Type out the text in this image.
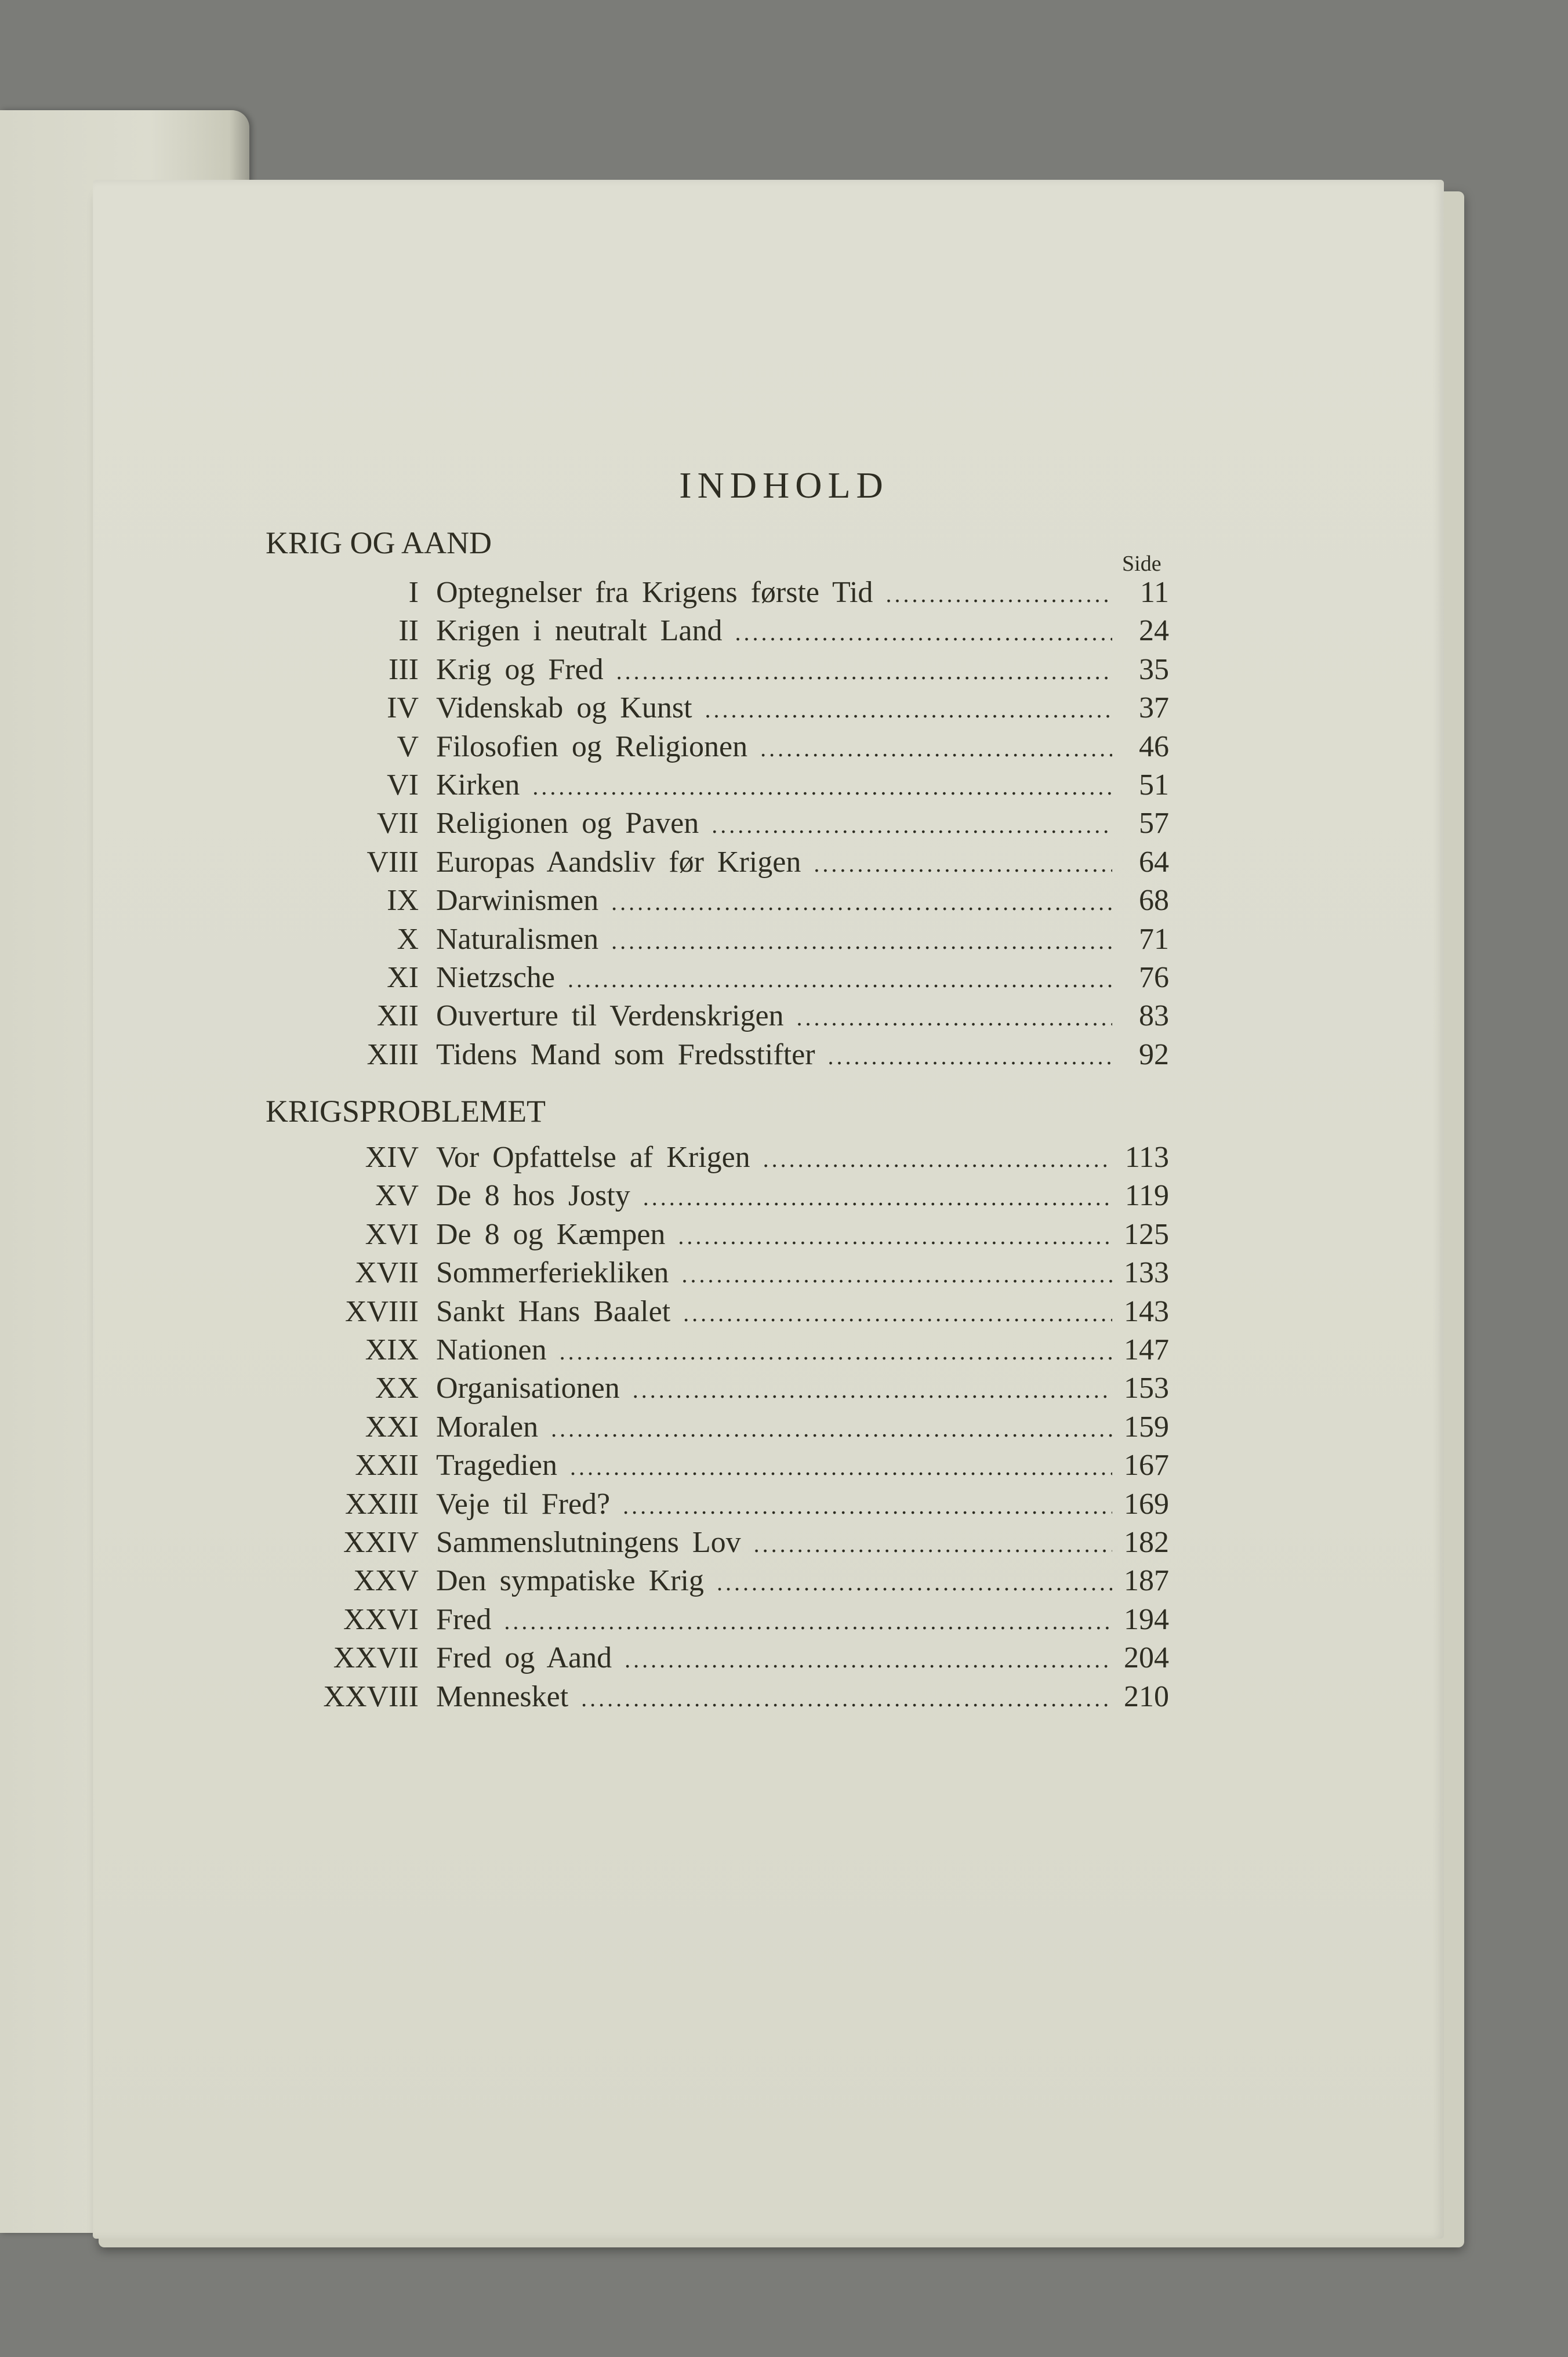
INDHOLD
KRIG OG AAND
Side
KRIGSPROBLEMET
I Optegnelser fra Krigens første Tid .....	11
II Krigen i neutralt Land .....	24
III Krig og Fred .....	35
IV Videnskab og Kunst .....	37
V Filosofien og Religionen .....	46
VI Kirken .....	51
VII Religionen og Paven .....	57
VIII Europas Aandsliv før Krigen .....	64
IX Darwinismen .....	68
X Naturalismen .....	71
XI Nietzsche .....	76
XII Ouverture til Verdenskrigen .....	83
XIII Tidens Mand som Fredsstifter .....	92
XIV Vor Opfattelse af Krigen .....	113
XV De 8 hos Josty .....	119
XVI De 8 og Kæmpen .....	125
XVII Sommerferiekliken .....	133
XVIII Sankt Hans Baalet .....	143
XIX Nationen .....	147
XX Organisationen .....	153
XXI Moralen .....	159
XXII Tragedien .....	167
XXIII Veje til Fred? .....	169
XXIV Sammenslutningens Lov .....	182
XXV Den sympatiske Krig .....	187
XXVI Fred .....	194
XXVII Fred og Aand .....	204
XXVIII Mennesket .....	210
